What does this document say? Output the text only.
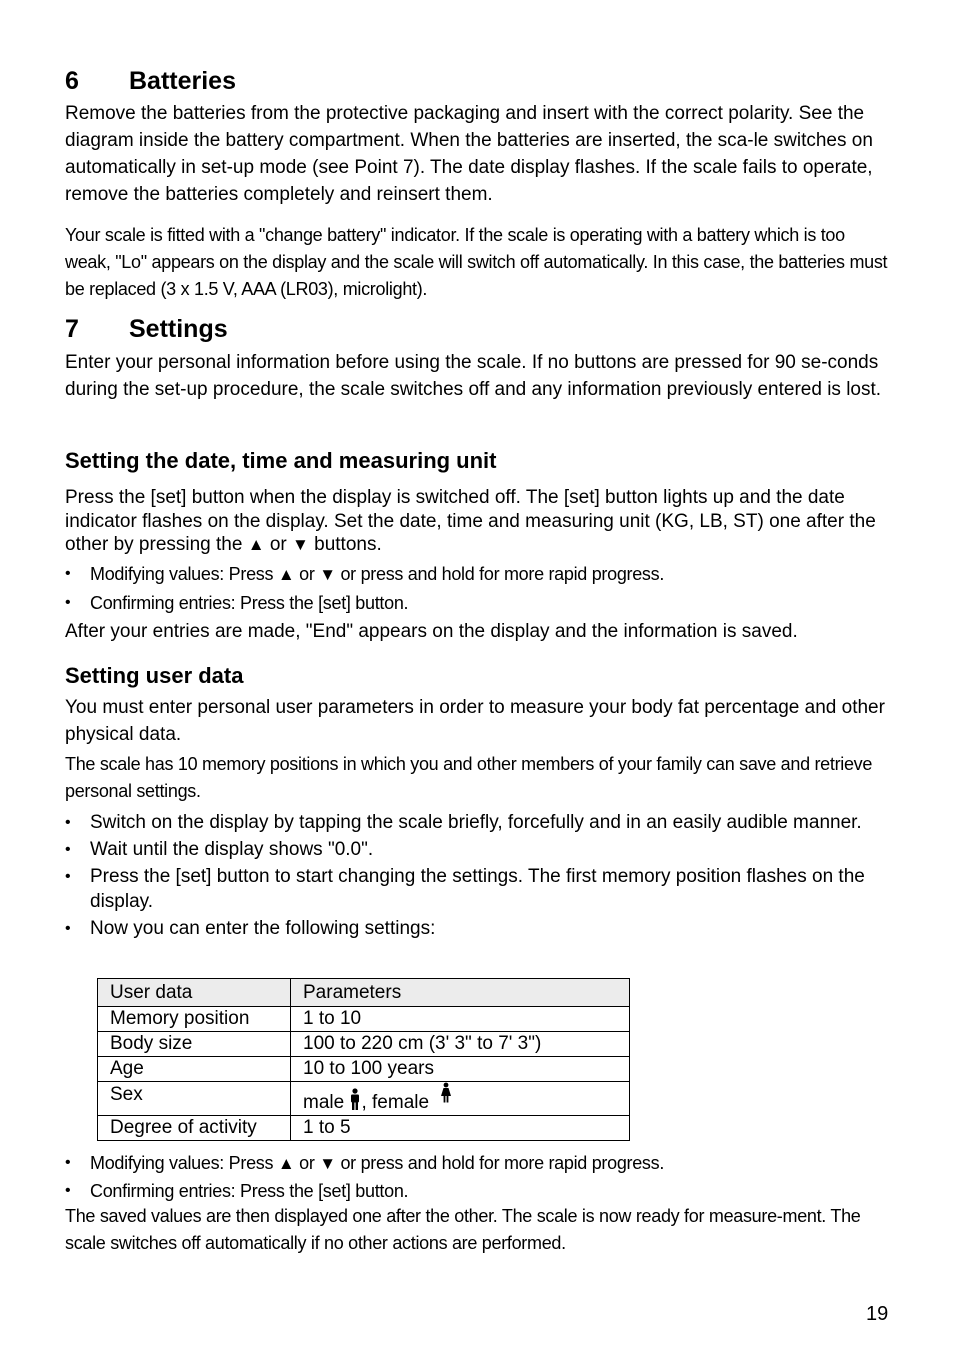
6 Batteries

Remove the batteries from the protective packaging and insert with the correct polarity. See the diagram inside the battery compartment. When the batteries are inserted, the sca-le switches on automatically in set-up mode (see Point 7). The date display flashes. If the scale fails to operate, remove the batteries completely and reinsert them.

Your scale is fitted with a "change battery" indicator. If the scale is operating with a battery which is too weak, "Lo" appears on the display and the scale will switch off automatically. In this case, the batteries must be replaced (3 x 1.5 V, AAA (LR03), microlight).

7 Settings

Enter your personal information before using the scale. If no buttons are pressed for 90 se-conds during the set-up procedure, the scale switches off and any information previously entered is lost.

Setting the date, time and measuring unit

Press the [set] button when the display is switched off. The [set] button lights up and the date indicator flashes on the display. Set the date, time and measuring unit (KG, LB, ST) one after the other by pressing the ▲ or ▼ buttons.

• Modifying values: Press ▲ or ▼ or press and hold for more rapid progress.
• Confirming entries: Press the [set] button.

After your entries are made, "End" appears on the display and the information is saved.

Setting user data

You must enter personal user parameters in order to measure your body fat percentage and other physical data.

The scale has 10 memory positions in which you and other members of your family can save and retrieve personal settings.

• Switch on the display by tapping the scale briefly, forcefully and in an easily audible manner.
• Wait until the display shows "0.0".
• Press the [set] button to start changing the settings. The first memory position flashes on the display.
• Now you can enter the following settings:
User data	Parameters
Memory position	1 to 10
Body size	100 to 220 cm (3' 3" to 7' 3")
Age	10 to 100 years
Sex	male , female
Degree of activity	1 to 5
• Modifying values: Press ▲ or ▼ or press and hold for more rapid progress.
• Confirming entries: Press the [set] button.

The saved values are then displayed one after the other. The scale is now ready for measure-ment. The scale switches off automatically if no other actions are performed.

19
